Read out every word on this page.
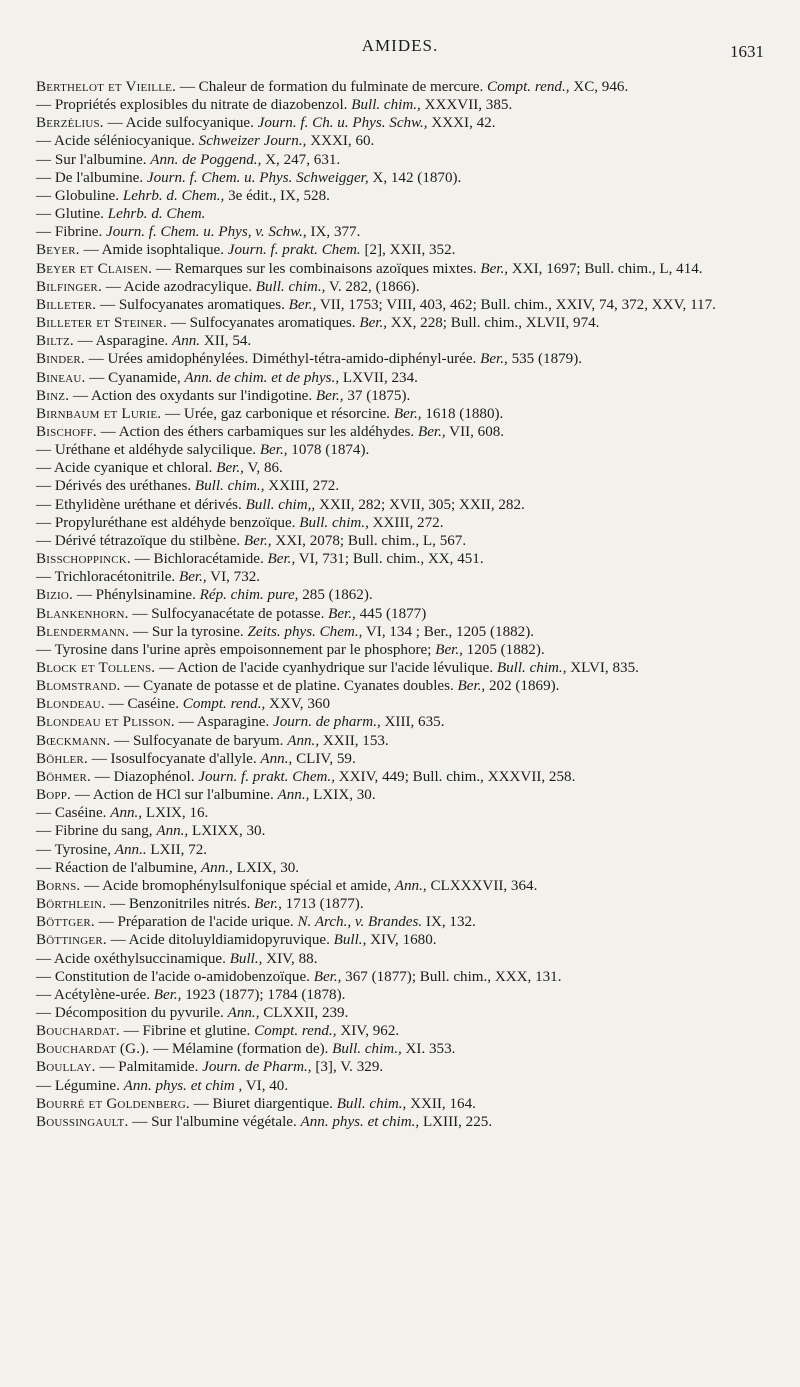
AMIDES.	1631
Berthelot et Vieille. — Chaleur de formation du fulminate de mercure. Compt. rend., XC, 946.
— Propriétés explosibles du nitrate de diazobenzol. Bull. chim., XXXVII, 385.
Berzélius. — Acide sulfocyanique. Journ. f. Ch. u. Phys. Schw., XXXI, 42.
— Acide séléniocyanique. Schweizer Journ., XXXI, 60.
— Sur l'albumine. Ann. de Poggend., X, 247, 631.
— De l'albumine. Journ. f. Chem. u. Phys. Schweigger, X, 142 (1870).
— Globuline. Lehrb. d. Chem., 3e édit., IX, 528.
— Glutine. Lehrb. d. Chem.
— Fibrine. Journ. f. Chem. u. Phys, v. Schw., IX, 377.
Beyer. — Amide isophtalique. Journ. f. prakt. Chem. [2], XXII, 352.
Beyer et Claisen. — Remarques sur les combinaisons azoïques mixtes. Ber., XXI, 1697; Bull. chim., L, 414.
Bilfinger. — Acide azodracylique. Bull. chim., V. 282, (1866).
Billeter. — Sulfocyanates aromatiques. Ber., VII, 1753; VIII, 403, 462; Bull. chim., XXIV, 74, 372, XXV, 117.
Billeter et Steiner. — Sulfocyanates aromatiques. Ber., XX, 228; Bull. chim., XLVII, 974.
Biltz. — Asparagine. Ann. XII, 54.
Binder. — Urées amidophénylées. Diméthyl-tétra-amido-diphényl-urée. Ber., 535 (1879).
Bineau. — Cyanamide, Ann. de chim. et de phys., LXVII, 234.
Binz. — Action des oxydants sur l'indigotine. Ber., 37 (1875).
Birnbaum et Lurie. — Urée, gaz carbonique et résorcine. Ber., 1618 (1880).
Bischoff. — Action des éthers carbamiques sur les aldéhydes. Ber., VII, 608.
— Uréthane et aldéhyde salycilique. Ber., 1078 (1874).
— Acide cyanique et chloral. Ber., V, 86.
— Dérivés des uréthanes. Bull. chim., XXIII, 272.
— Ethylidène uréthane et dérivés. Bull. chim,, XXII, 282; XVII, 305; XXII, 282.
— Propyluréthane est aldéhyde benzoïque. Bull. chim., XXIII, 272.
— Dérivé tétrazoïque du stilbène. Ber., XXI, 2078; Bull. chim., L, 567.
Bisschoppinck. — Bichloracétamide. Ber., VI, 731; Bull. chim., XX, 451.
— Trichloracétonitrile. Ber., VI, 732.
Bizio. — Phénylsinamine. Rép. chim. pure, 285 (1862).
Blankenhorn. — Sulfocyanacétate de potasse. Ber., 445 (1877)
Blendermann. — Sur la tyrosine. Zeits. phys. Chem., VI, 134 ; Ber., 1205 (1882).
— Tyrosine dans l'urine après empoisonnement par le phosphore; Ber., 1205 (1882).
Block et Tollens. — Action de l'acide cyanhydrique sur l'acide lévulique. Bull. chim., XLVI, 835.
Blomstrand. — Cyanate de potasse et de platine. Cyanates doubles. Ber., 202 (1869).
Blondeau. — Caséine. Compt. rend., XXV, 360
Blondeau et Plisson. — Asparagine. Journ. de pharm., XIII, 635.
Bœckmann. — Sulfocyanate de baryum. Ann., XXII, 153.
Böhler. — Isosulfocyanate d'allyle. Ann., CLIV, 59.
Böhmer. — Diazophénol. Journ. f. prakt. Chem., XXIV, 449; Bull. chim., XXXVII, 258.
Bopp. — Action de HCl sur l'albumine. Ann., LXIX, 30.
— Caséine. Ann., LXIX, 16.
— Fibrine du sang, Ann., LXIXX, 30.
— Tyrosine, Ann.. LXII, 72.
— Réaction de l'albumine, Ann., LXIX, 30.
Borns. — Acide bromophénylsulfonique spécial et amide, Ann., CLXXXVII, 364.
Börthlein. — Benzonitriles nitrés. Ber., 1713 (1877).
Böttger. — Préparation de l'acide urique. N. Arch., v. Brandes. IX, 132.
Böttinger. — Acide ditoluyldiamidopyruvique. Bull., XIV, 1680.
— Acide oxéthylsuccinamique. Bull., XIV, 88.
— Constitution de l'acide o-amidobenzoïque. Ber., 367 (1877); Bull. chim., XXX, 131.
— Acétylène-urée. Ber., 1923 (1877); 1784 (1878).
— Décomposition du pyvurile. Ann., CLXXII, 239.
Bouchardat. — Fibrine et glutine. Compt. rend., XIV, 962.
Bouchardat (G.). — Mélamine (formation de). Bull. chim., XI. 353.
Boullay. — Palmitamide. Journ. de Pharm., [3], V. 329.
— Légumine. Ann. phys. et chim , VI, 40.
Bourré et Goldenberg. — Biuret diargentique. Bull. chim., XXII, 164.
Boussingault. — Sur l'albumine végétale. Ann. phys. et chim., LXIII, 225.
